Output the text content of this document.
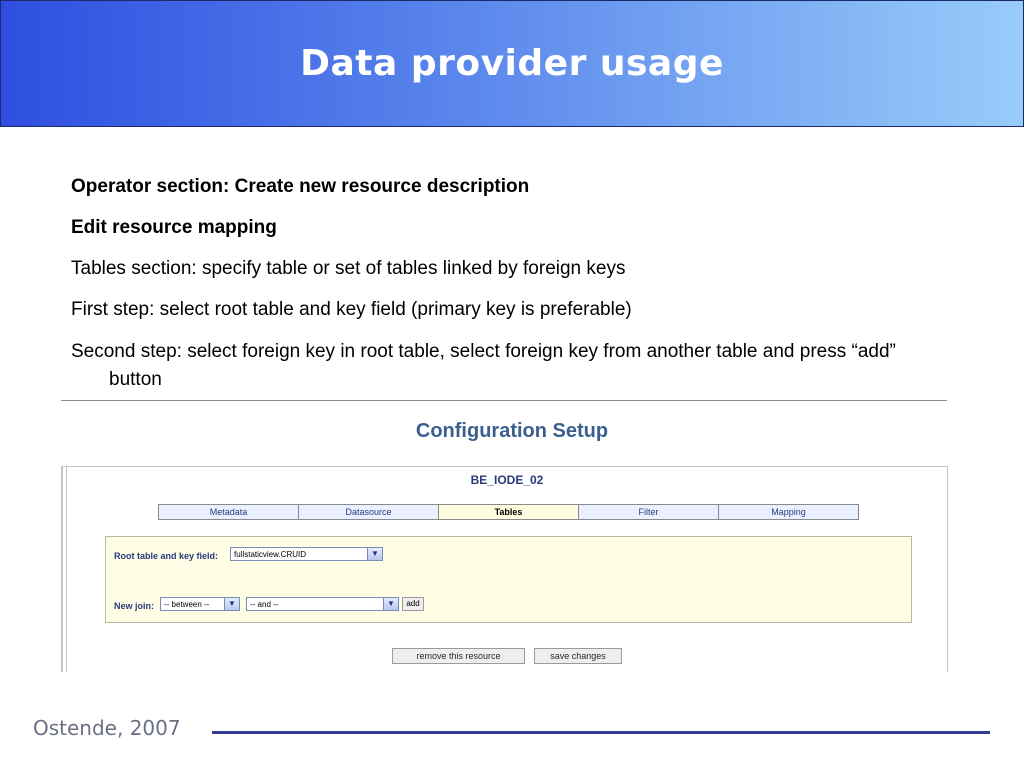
Data provider usage
Operator section: Create new resource description
Edit resource mapping
Tables section: specify table or set of tables linked by foreign keys
First step: select root table and key field (primary key is preferable)
Second step: select foreign key in root table, select foreign key from another table and press “add” button
Configuration Setup
BE_IODE_02
Metadata	Datasource	Tables	Filter	Mapping
Root table and key field:	fullstaticview.CRUID	▼
New join:	-- between --	▼	-- and --	▼	add
remove this resource	save changes
Ostende, 2007
